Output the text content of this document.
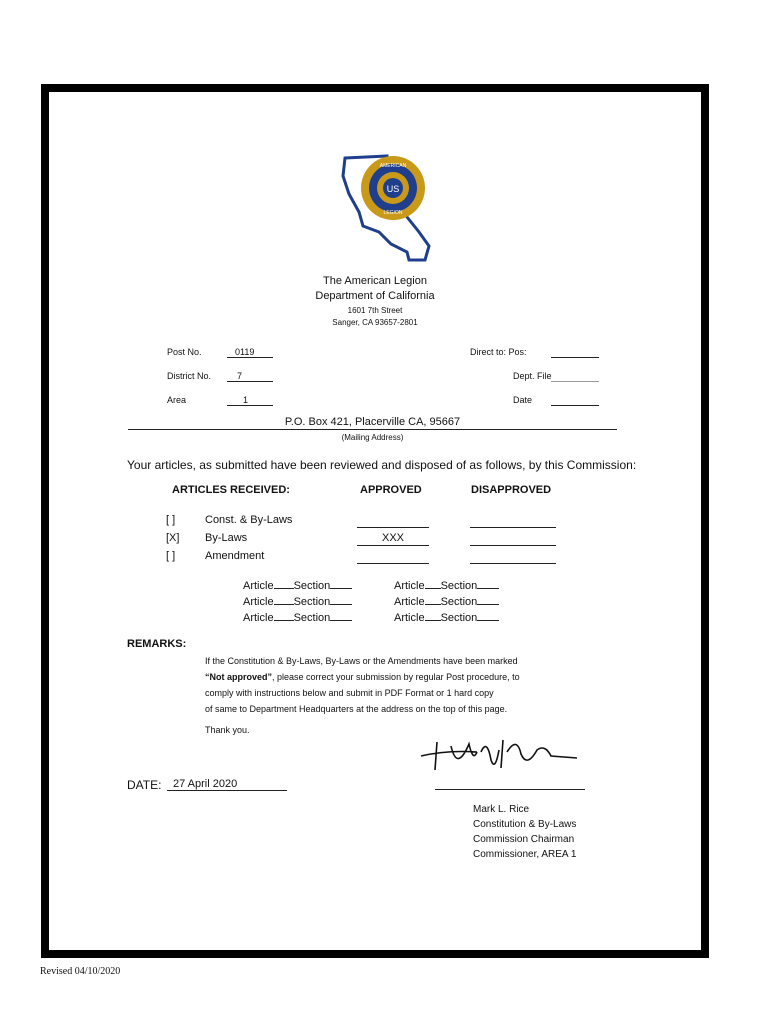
US
AMERICAN
LEGION
The American Legion
Department of California
1601 7th Street
Sanger, CA 93657-2801
Post No.	0119
District No.	7
Area	1
Direct to: Pos:
Dept. File
Date
P.O. Box 421, Placerville CA, 95667
(Mailing Address)
Your articles, as submitted have been reviewed and disposed of as follows, by this Commission:
ARTICLES RECEIVED:	APPROVED	DISAPPROVED
[ ]	Const. & By-Laws
[X] By-Laws	XXX
[ ]	Amendment
Article Section
Article Section
Article Section
Article Section
Article Section
Article Section
REMARKS:
If the Constitution & By-Laws, By-Laws or the Amendments have been marked
“Not approved”, please correct your submission by regular Post procedure, to
comply with instructions below and submit in PDF Format or 1 hard copy
of same to Department Headquarters at the address on the top of this page.
Thank you.
DATE:	27 April 2020
Mark L. Rice
Constitution & By-Laws
Commission Chairman
Commissioner, AREA 1
Revised 04/10/2020
